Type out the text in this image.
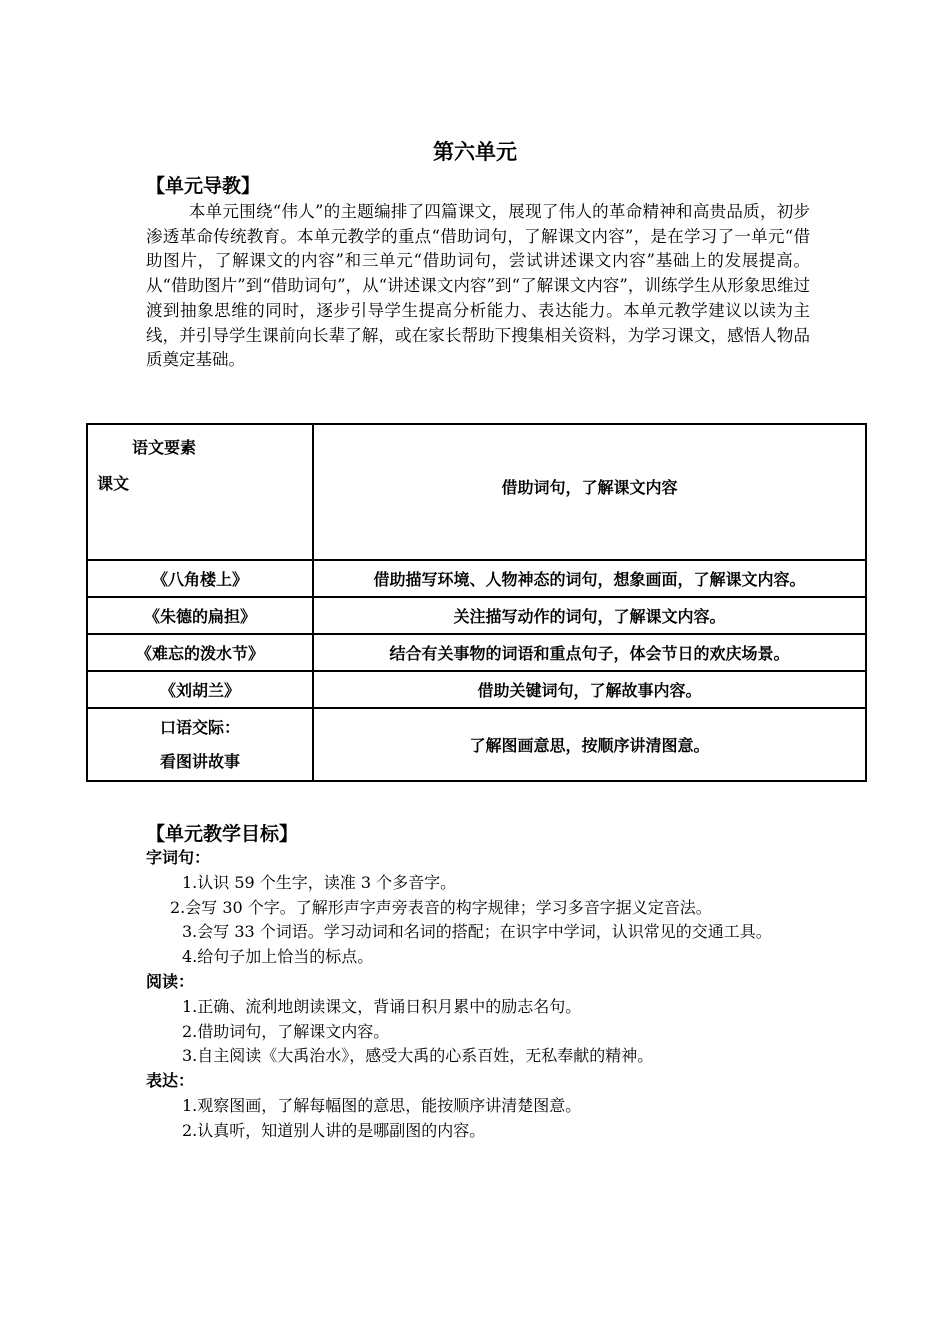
第六单元
【单元导教】

本单元围绕“伟人”的主题编排了四篇课文，展现了伟人的革命精神和高贵品质，初步渗透革命传统教育。本单元教学的重点“借助词句，了解课文内容”，是在学习了一单元“借助图片，了解课文的内容”和三单元“借助词句，尝试讲述课文内容”基础上的发展提高。从“借助图片”到“借助词句”，从“讲述课文内容”到“了解课文内容”，训练学生从形象思维过渡到抽象思维的同时，逐步引导学生提高分析能力、表达能力。本单元教学建议以读为主线，并引导学生课前向长辈了解，或在家长帮助下搜集相关资料，为学习课文，感悟人物品质奠定基础。

语文要素
课文	借助词句，了解课文内容
《八角楼上》	借助描写环境、人物神态的词句，想象画面，了解课文内容。
《朱德的扁担》	关注描写动作的词句，了解课文内容。
《难忘的泼水节》	结合有关事物的词语和重点句子，体会节日的欢庆场景。
《刘胡兰》	借助关键词句，了解故事内容。

口语交际：
看图讲故事	了解图画意思，按顺序讲清图意。
【单元教学目标】
字词句：
1.认识 59 个生字，读准 3 个多音字。
2.会写 30 个字。了解形声字声旁表音的构字规律；学习多音字据义定音法。
3.会写 33 个词语。学习动词和名词的搭配；在识字中学词，认识常见的交通工具。
4.给句子加上恰当的标点。
阅读：
1.正确、流利地朗读课文，背诵日积月累中的励志名句。
2.借助词句，了解课文内容。
3.自主阅读《大禹治水》，感受大禹的心系百姓，无私奉献的精神。
表达：
1.观察图画，了解每幅图的意思，能按顺序讲清楚图意。
2.认真听，知道别人讲的是哪副图的内容。
